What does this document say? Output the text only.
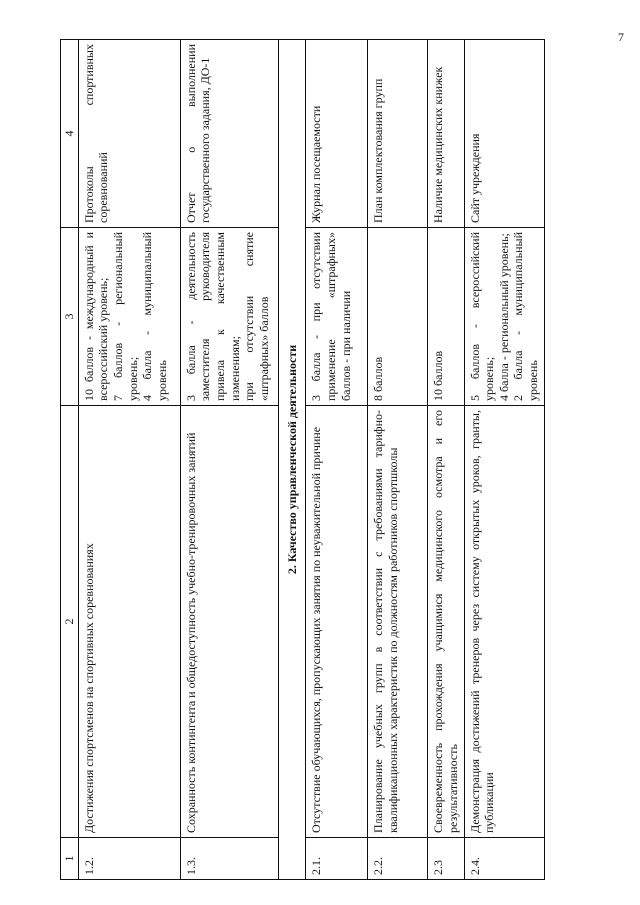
7
1	2	3	4
1.2.	Достижения спортсменов на спортивных соревнованиях	10 баллов - международный и всероссийский уровень; 7 баллов - региональный уровень; 4 балла - муниципальный уровень	Протоколы спортивных соревнований
1.3.	Сохранность контингента и общедоступность учебно-тренировочных занятий	3 балла - деятельность заместителя руководителя привела к качественным изменениям; при отсутствии снятие «штрафных» баллов	Отчет о выполнении государственного задания, ДО-1
2. Качество управленческой деятельности			
2.1.	Отсутствие обучающихся, пропускающих занятия по неуважительной причине	3 балла - при отсутствии применение «штрафных» баллов - при наличии	Журнал посещаемости
2.2.	Планирование учебных групп в соответствии с требованиями тарифно-квалификационных характеристик по должностям работников спортшколы	8 баллов	План комплектования групп
2.3	Своевременность прохождения учащимися медицинского осмотра и его результативность	10 баллов	Наличие медицинских книжек
2.4.	Демонстрация достижений тренеров через систему открытых уроков, гранты, публикации	5 баллов - всероссийский уровень; 4 балла - региональный уровень; 2 балла - муниципальный уровень	Сайт учреждения
